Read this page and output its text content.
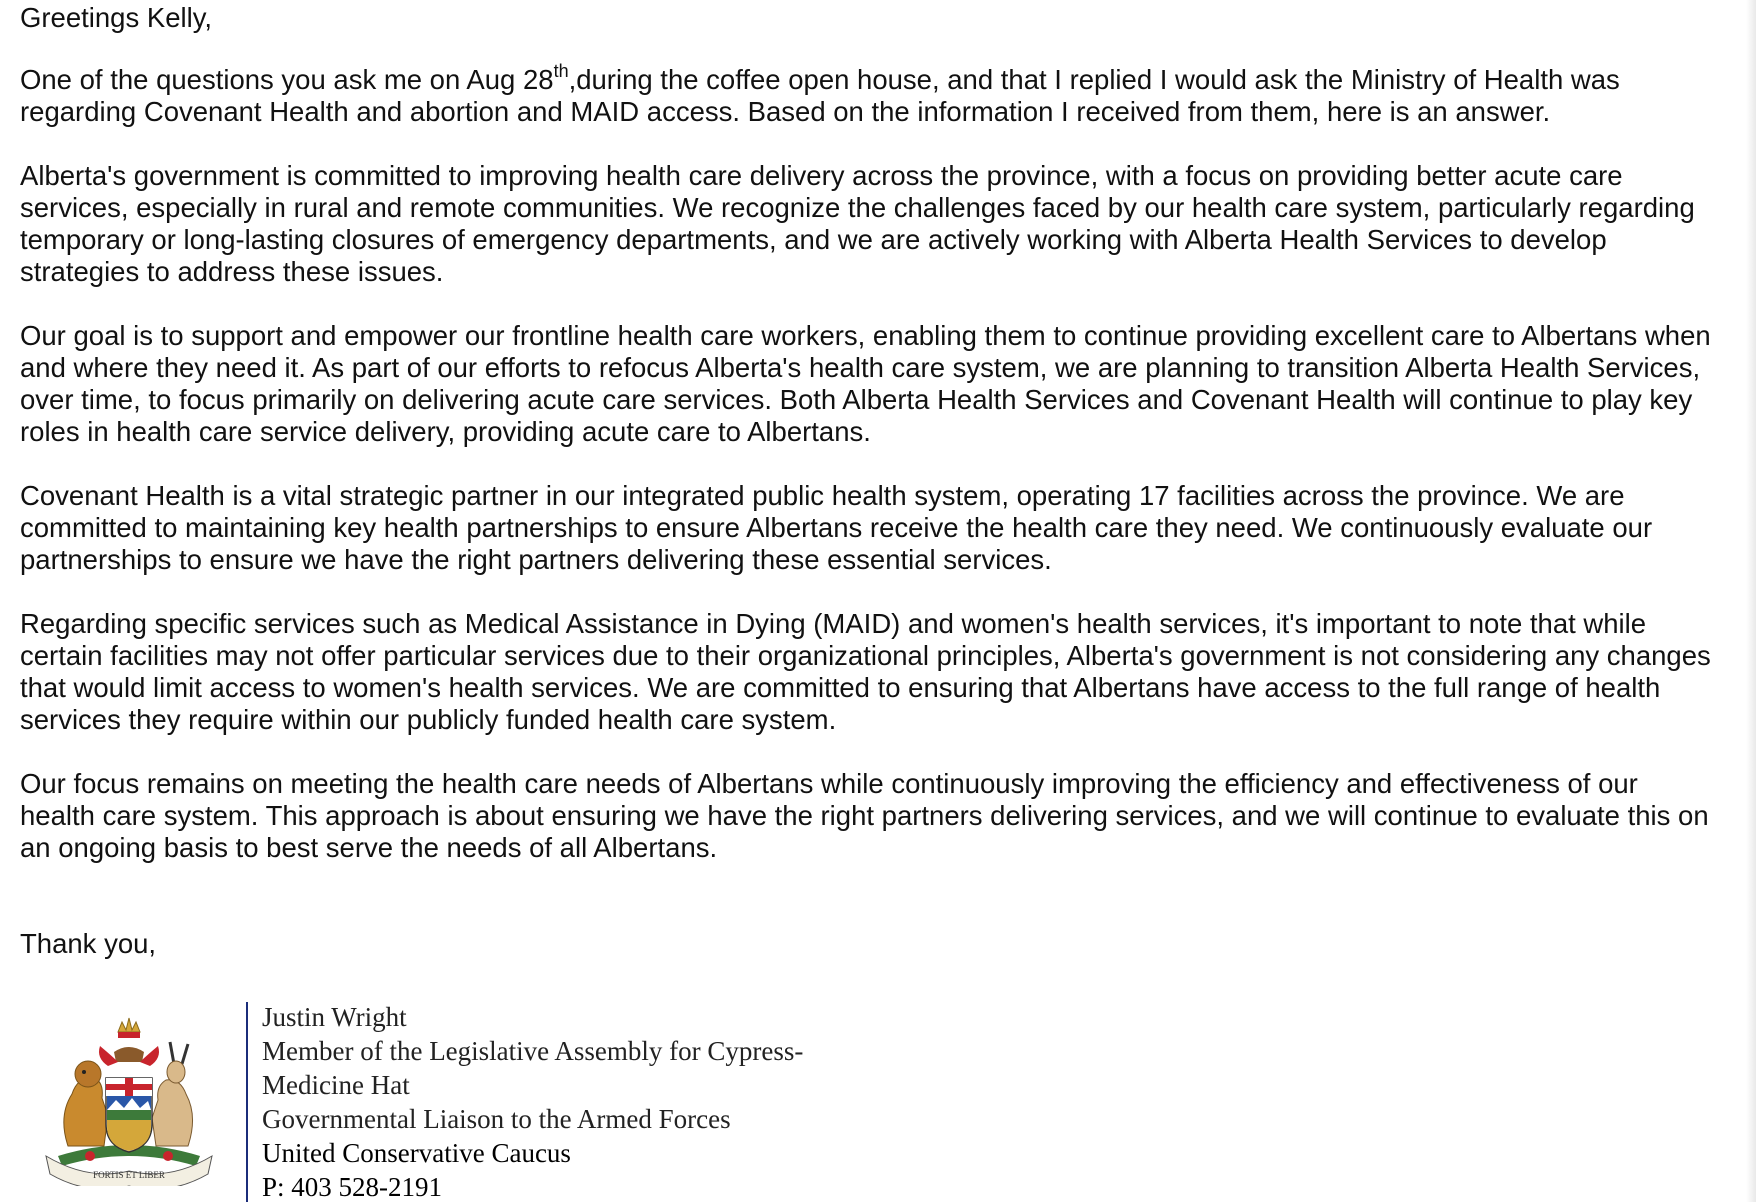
Greetings Kelly,

One of the questions you ask me on Aug 28th,during the coffee open house, and that I replied I would ask the Ministry of Health was regarding Covenant Health and abortion and MAID access. Based on the information I received from them, here is an answer.

Alberta's government is committed to improving health care delivery across the province, with a focus on providing better acute care services, especially in rural and remote communities. We recognize the challenges faced by our health care system, particularly regarding temporary or long-lasting closures of emergency departments, and we are actively working with Alberta Health Services to develop strategies to address these issues.

Our goal is to support and empower our frontline health care workers, enabling them to continue providing excellent care to Albertans when and where they need it. As part of our efforts to refocus Alberta's health care system, we are planning to transition Alberta Health Services, over time, to focus primarily on delivering acute care services. Both Alberta Health Services and Covenant Health will continue to play key roles in health care service delivery, providing acute care to Albertans.

Covenant Health is a vital strategic partner in our integrated public health system, operating 17 facilities across the province. We are committed to maintaining key health partnerships to ensure Albertans receive the health care they need. We continuously evaluate our partnerships to ensure we have the right partners delivering these essential services.

Regarding specific services such as Medical Assistance in Dying (MAID) and women's health services, it's important to note that while certain facilities may not offer particular services due to their organizational principles, Alberta's government is not considering any changes that would limit access to women's health services. We are committed to ensuring that Albertans have access to the full range of health services they require within our publicly funded health care system.

Our focus remains on meeting the health care needs of Albertans while continuously improving the efficiency and effectiveness of our health care system. This approach is about ensuring we have the right partners delivering services, and we will continue to evaluate this on an ongoing basis to best serve the needs of all Albertans.

Thank you,

FORTIS ET LIBER
Justin Wright
Member of the Legislative Assembly for Cypress-
Medicine Hat
Governmental Liaison to the Armed Forces
United Conservative Caucus
P: 403 528-2191
